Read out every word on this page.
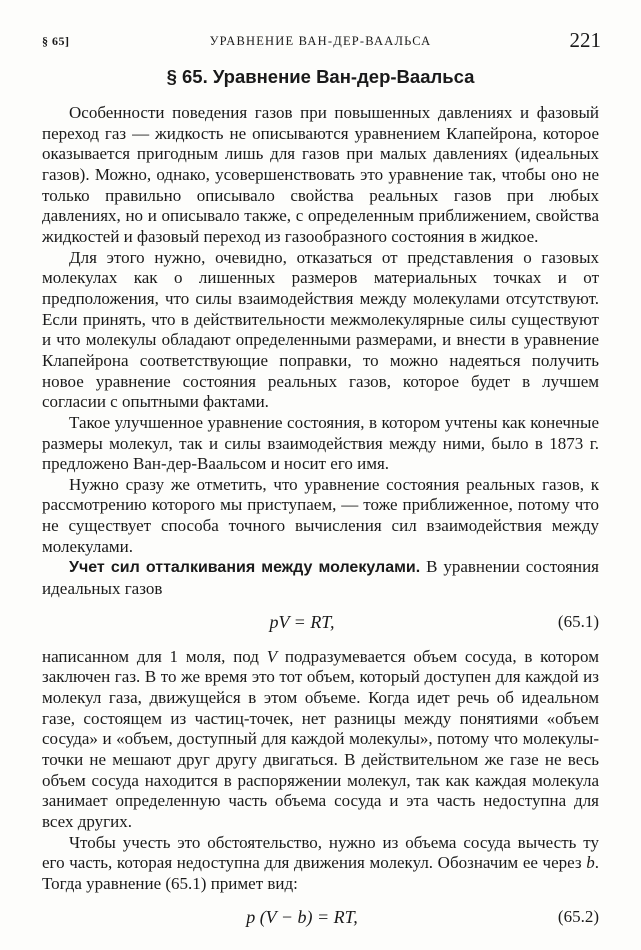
§ 65]	УРАВНЕНИЕ ВАН-ДЕР-ВААЛЬСА	221
§ 65. Уравнение Ван-дер-Ваальса

Особенности поведения газов при повышенных давлениях и фазовый переход газ — жидкость не описываются уравнением Клапейрона, которое оказывается пригодным лишь для газов при малых давлениях (идеальных газов). Можно, однако, усовершенствовать это уравнение так, чтобы оно не только правильно описывало свойства реальных газов при любых давлениях, но и описывало также, с определенным приближением, свойства жидкостей и фазовый переход из газообразного состояния в жидкое.

Для этого нужно, очевидно, отказаться от представления о газовых молекулах как о лишенных размеров материальных точках и от предположения, что силы взаимодействия между молекулами отсутствуют. Если принять, что в действительности межмолекулярные силы существуют и что молекулы обладают определенными размерами, и внести в уравнение Клапейрона соответствующие поправки, то можно надеяться получить новое уравнение состояния реальных газов, которое будет в лучшем согласии с опытными фактами.

Такое улучшенное уравнение состояния, в котором учтены как конечные размеры молекул, так и силы взаимодействия между ними, было в 1873 г. предложено Ван-дер-Ваальсом и носит его имя.

Нужно сразу же отметить, что уравнение состояния реальных газов, к рассмотрению которого мы приступаем, — тоже приближенное, потому что не существует способа точного вычисления сил взаимодействия между молекулами.

Учет сил отталкивания между молекулами. В уравнении состояния идеальных газов

pV = RT,	(65.1)

написанном для 1 моля, под V подразумевается объем сосуда, в котором заключен газ. В то же время это тот объем, который доступен для каждой из молекул газа, движущейся в этом объеме. Когда идет речь об идеальном газе, состоящем из частиц-точек, нет разницы между понятиями «объем сосуда» и «объем, доступный для каждой молекулы», потому что молекулы-точки не мешают друг другу двигаться. В действительном же газе не весь объем сосуда находится в распоряжении молекул, так как каждая молекула занимает определенную часть объема сосуда и эта часть недоступна для всех других.

Чтобы учесть это обстоятельство, нужно из объема сосуда вычесть ту его часть, которая недоступна для движения молекул. Обозначим ее через b. Тогда уравнение (65.1) примет вид:

p (V − b) = RT,	(65.2)
